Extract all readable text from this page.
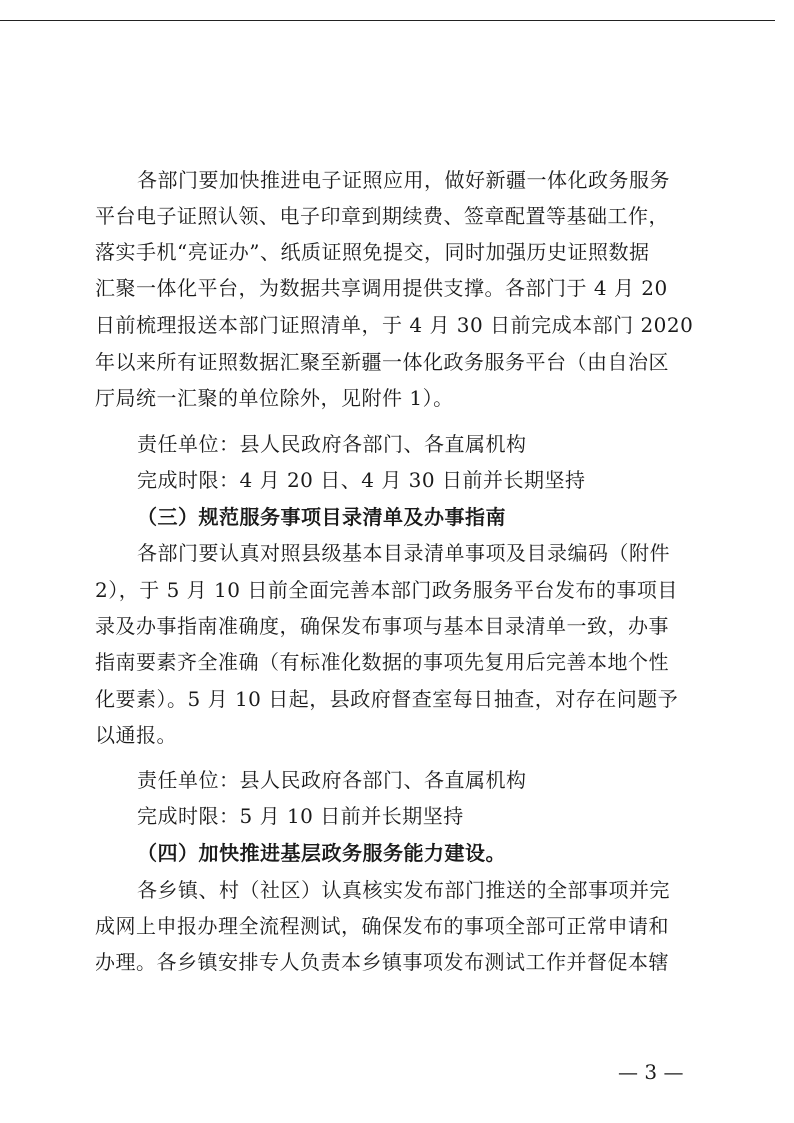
各部门要加快推进电子证照应用，做好新疆一体化政务服务
平台电子证照认领、电子印章到期续费、签章配置等基础工作，
落实手机“亮证办”、纸质证照免提交，同时加强历史证照数据
汇聚一体化平台，为数据共享调用提供支撑。各部门于 4 月 20
日前梳理报送本部门证照清单，于 4 月 30 日前完成本部门 2020
年以来所有证照数据汇聚至新疆一体化政务服务平台（由自治区
厅局统一汇聚的单位除外，见附件 1）。
责任单位：县人民政府各部门、各直属机构
完成时限：4 月 20 日、4 月 30 日前并长期坚持
（三）规范服务事项目录清单及办事指南
各部门要认真对照县级基本目录清单事项及目录编码（附件
2），于 5 月 10 日前全面完善本部门政务服务平台发布的事项目
录及办事指南准确度，确保发布事项与基本目录清单一致，办事
指南要素齐全准确（有标准化数据的事项先复用后完善本地个性
化要素）。5 月 10 日起，县政府督查室每日抽查，对存在问题予
以通报。
责任单位：县人民政府各部门、各直属机构
完成时限：5 月 10 日前并长期坚持
（四）加快推进基层政务服务能力建设。
各乡镇、村（社区）认真核实发布部门推送的全部事项并完
成网上申报办理全流程测试，确保发布的事项全部可正常申请和
办理。各乡镇安排专人负责本乡镇事项发布测试工作并督促本辖
— 3 —
